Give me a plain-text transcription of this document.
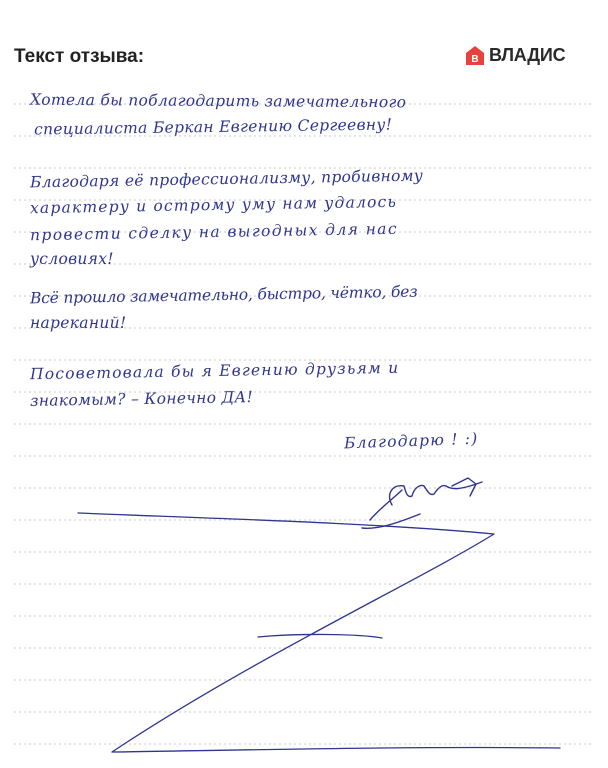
Текст отзыва:	В ВЛАДИС
Хотела бы поблагодарить замечательного
специалиста Беркан Евгению Сергеевну!
Благодаря её профессионализму, пробивному
характеру и острому уму нам удалось
провести сделку на выгодных для нас
условиях!
Всё прошло замечательно, быстро, чётко, без
нареканий!
Посоветовала бы я Евгению друзьям и
знакомым? – Конечно ДА!
Благодарю ! :)
